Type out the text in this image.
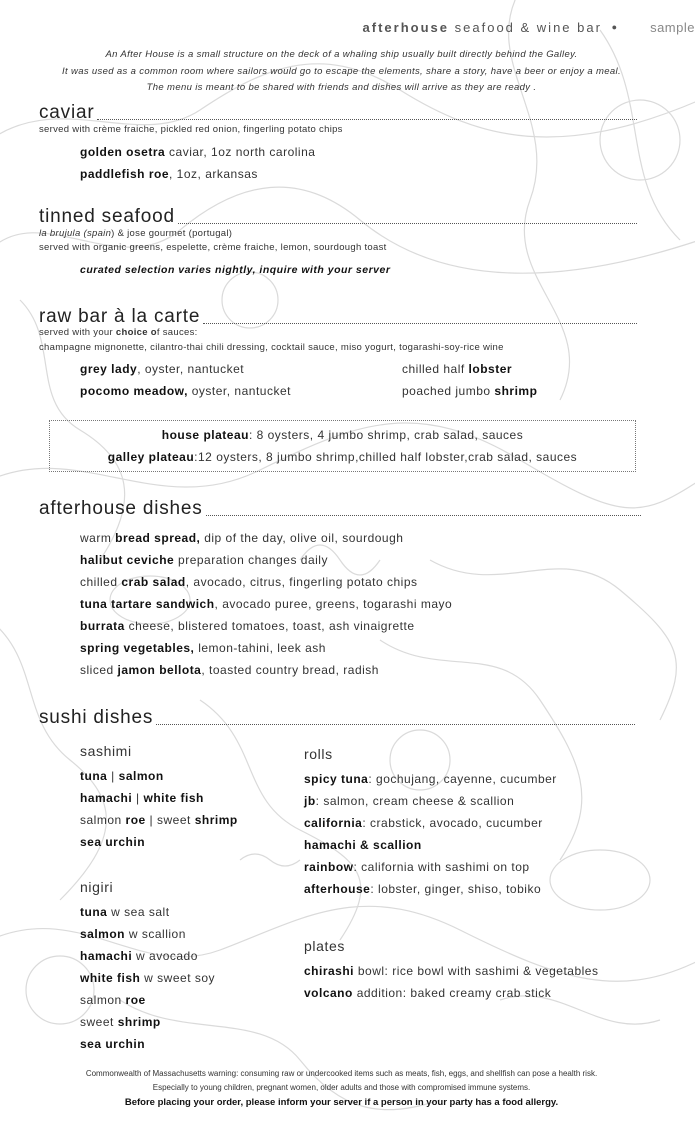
afterhouse seafood & wine bar ● sample
An After House is a small structure on the deck of a whaling ship usually built directly behind the Galley.
It was used as a common room where sailors would go to escape the elements, share a story, have a beer or enjoy a meal.
The menu is meant to be shared with friends and dishes will arrive as they are ready .
caviar
served with crème fraiche, pickled red onion, fingerling potato chips
golden osetra caviar, 1oz north carolina
paddlefish roe, 1oz, arkansas
tinned seafood
la brujula (spain) & jose gourmet (portugal)
served with organic greens, espelette, crème fraiche, lemon, sourdough toast
curated selection varies nightly, inquire with your server
raw bar à la carte
served with your choice of sauces:
champagne mignonette, cilantro-thai chili dressing, cocktail sauce, miso yogurt, togarashi-soy-rice wine
grey lady, oyster, nantucket
pocomo meadow, oyster, nantucket
chilled half lobster
poached jumbo shrimp
house plateau: 8 oysters, 4 jumbo shrimp, crab salad, sauces
galley plateau:12 oysters, 8 jumbo shrimp,chilled half lobster,crab salad, sauces
afterhouse dishes
warm bread spread, dip of the day, olive oil, sourdough
halibut ceviche preparation changes daily
chilled crab salad, avocado, citrus, fingerling potato chips
tuna tartare sandwich, avocado puree, greens, togarashi mayo
burrata cheese, blistered tomatoes, toast, ash vinaigrette
spring vegetables, lemon-tahini, leek ash
sliced jamon bellota, toasted country bread, radish
sushi dishes
sashimi
tuna | salmon
hamachi | white fish
salmon roe | sweet shrimp
sea urchin
nigiri
tuna w sea salt
salmon w scallion
hamachi w avocado
white fish w sweet soy
salmon roe
sweet shrimp
sea urchin
rolls
spicy tuna: gochujang, cayenne, cucumber
jb: salmon, cream cheese & scallion
california: crabstick, avocado, cucumber
hamachi & scallion
rainbow: california with sashimi on top
afterhouse: lobster, ginger, shiso, tobiko
plates
chirashi bowl: rice bowl with sashimi & vegetables
volcano addition: baked creamy crab stick
Commonwealth of Massachusetts warning: consuming raw or undercooked items such as meats, fish, eggs, and shellfish can pose a health risk.
Especially to young children, pregnant women, older adults and those with compromised immune systems.
Before placing your order, please inform your server if a person in your party has a food allergy.
